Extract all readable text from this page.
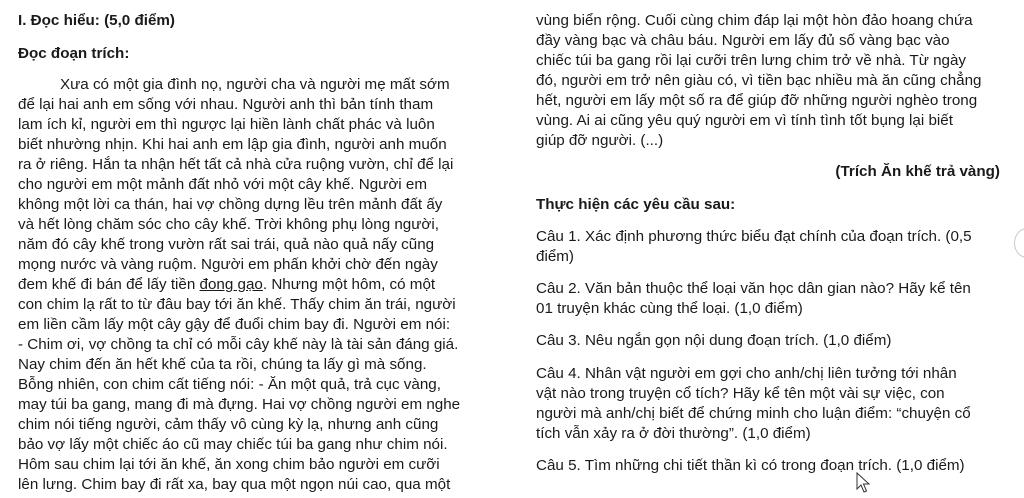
I. Đọc hiểu: (5,0 điểm)
Đọc đoạn trích:
Xưa có một gia đình nọ, người cha và người mẹ mất sớm
để lại hai anh em sống với nhau. Người anh thì bản tính tham
lam ích kỉ, người em thì ngược lại hiền lành chất phác và luôn
biết nhường nhịn. Khi hai anh em lập gia đình, người anh muốn
ra ở riêng. Hắn ta nhận hết tất cả nhà cửa ruộng vườn, chỉ để lại
cho người em một mảnh đất nhỏ với một cây khế. Người em
không một lời ca thán, hai vợ chồng dựng lều trên mảnh đất ấy
và hết lòng chăm sóc cho cây khế. Trời không phụ lòng người,
năm đó cây khế trong vườn rất sai trái, quả nào quả nấy cũng
mọng nước và vàng ruộm. Người em phấn khởi chờ đến ngày
đem khế đi bán để lấy tiền đong gạo. Nhưng một hôm, có một
con chim lạ rất to từ đâu bay tới ăn khế. Thấy chim ăn trái, người
em liền cầm lấy một cây gậy để đuổi chim bay đi. Người em nói:
- Chim ơi, vợ chồng ta chỉ có mỗi cây khế này là tài sản đáng giá.
Nay chim đến ăn hết khế của ta rồi, chúng ta lấy gì mà sống.
Bỗng nhiên, con chim cất tiếng nói: - Ăn một quả, trả cục vàng,
may túi ba gang, mang đi mà đựng. Hai vợ chồng người em nghe
chim nói tiếng người, cảm thấy vô cùng kỳ lạ, nhưng anh cũng
bảo vợ lấy một chiếc áo cũ may chiếc túi ba gang như chim nói.
Hôm sau chim lại tới ăn khế, ăn xong chim bảo người em cưỡi
lên lưng. Chim bay đi rất xa, bay qua một ngọn núi cao, qua một
vùng biển rộng. Cuối cùng chim đáp lại một hòn đảo hoang chứa
đầy vàng bạc và châu báu. Người em lấy đủ số vàng bạc vào
chiếc túi ba gang rồi lại cưỡi trên lưng chim trở về nhà. Từ ngày
đó, người em trở nên giàu có, vì tiền bạc nhiều mà ăn cũng chẳng
hết, người em lấy một số ra để giúp đỡ những người nghèo trong
vùng. Ai ai cũng yêu quý người em vì tính tình tốt bụng lại biết
giúp đỡ người. (...)
(Trích Ăn khế trả vàng)
Thực hiện các yêu cầu sau:
Câu 1. Xác định phương thức biểu đạt chính của đoạn trích. (0,5
điểm)
Câu 2. Văn bản thuộc thể loại văn học dân gian nào? Hãy kể tên
01 truyện khác cùng thể loại. (1,0 điểm)
Câu 3. Nêu ngắn gọn nội dung đoạn trích. (1,0 điểm)
Câu 4. Nhân vật người em gợi cho anh/chị liên tưởng tới nhân
vật nào trong truyện cổ tích? Hãy kể tên một vài sự việc, con
người mà anh/chị biết để chứng minh cho luận điểm: “chuyện cổ
tích vẫn xảy ra ở đời thường”. (1,0 điểm)
Câu 5. Tìm những chi tiết thần kì có trong đoạn trích. (1,0 điểm)
